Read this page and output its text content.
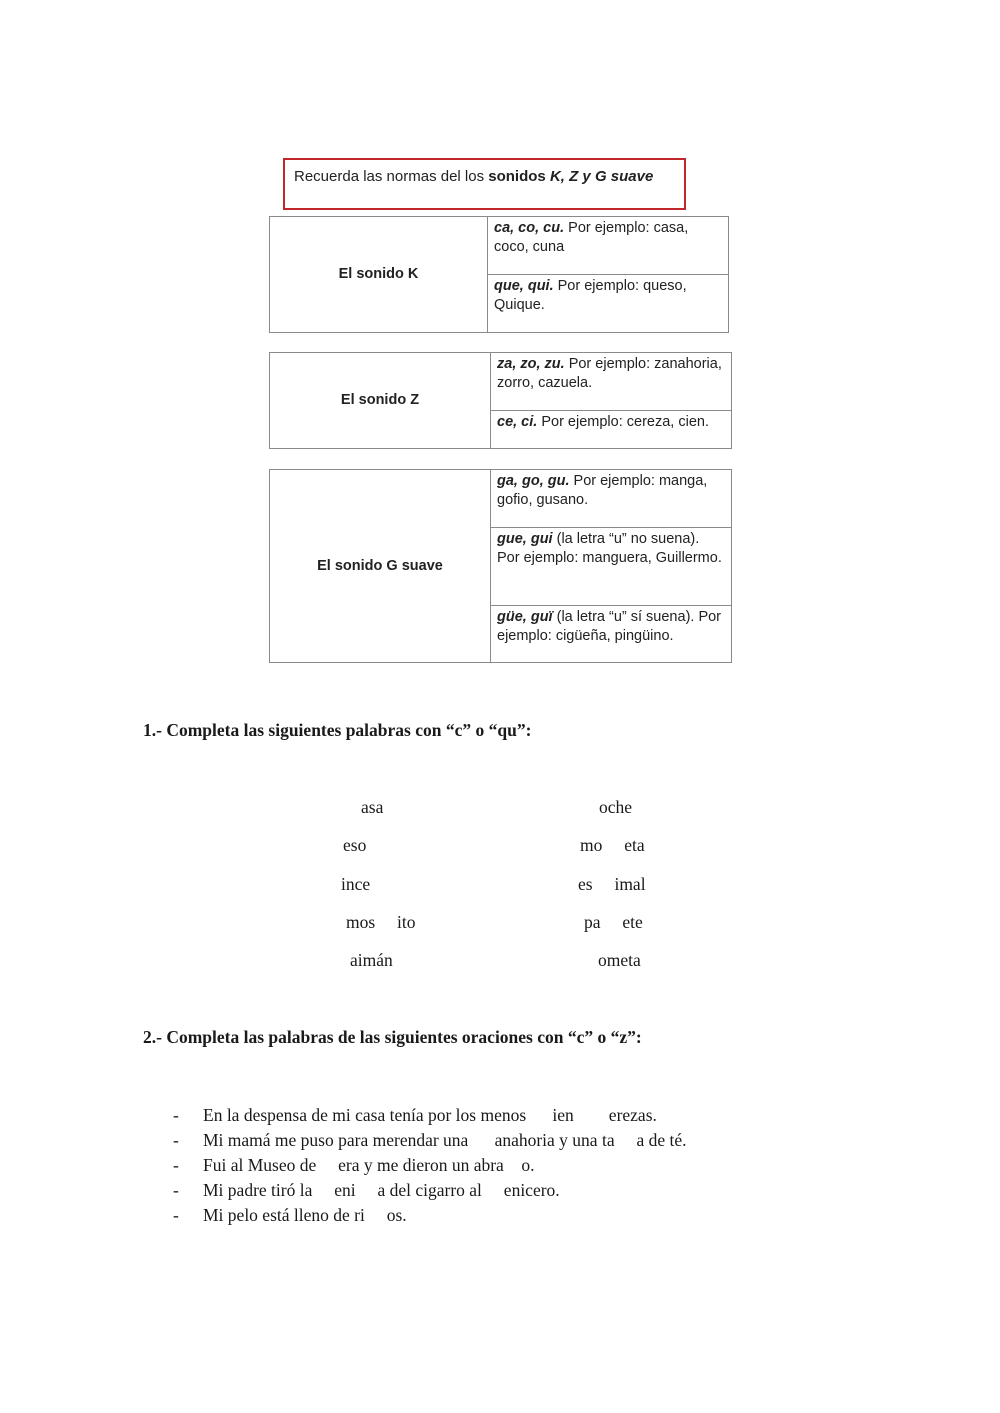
Recuerda las normas del los sonidos K, Z y G suave
El sonido K	ca, co, cu. Por ejemplo: casa, coco, cuna
que, qui. Por ejemplo: queso, Quique.
El sonido Z	za, zo, zu. Por ejemplo: zanahoria, zorro, cazuela.
ce, ci. Por ejemplo: cereza, cien.
El sonido G suave	ga, go, gu. Por ejemplo: manga, gofio, gusano.
gue, gui (la letra “u” no suena). Por ejemplo: manguera, Guillermo.
güe, guï (la letra “u” sí suena). Por ejemplo: cigüeña, pingüino.
1.- Completa las siguientes palabras con “c” o “qu”:
asa
eso
ince
mos     ito
aimán
oche
mo     eta
es     imal
pa     ete
ometa
2.- Completa las palabras de las siguientes oraciones con “c” o “z”:
- En la despensa de mi casa tenía por los menos      ien        erezas.
- Mi mamá me puso para merendar una      anahoria y una ta     a de té.
- Fui al Museo de     era y me dieron un abra    o.
- Mi padre tiró la     eni     a del cigarro al     enicero.
- Mi pelo está lleno de ri     os.
